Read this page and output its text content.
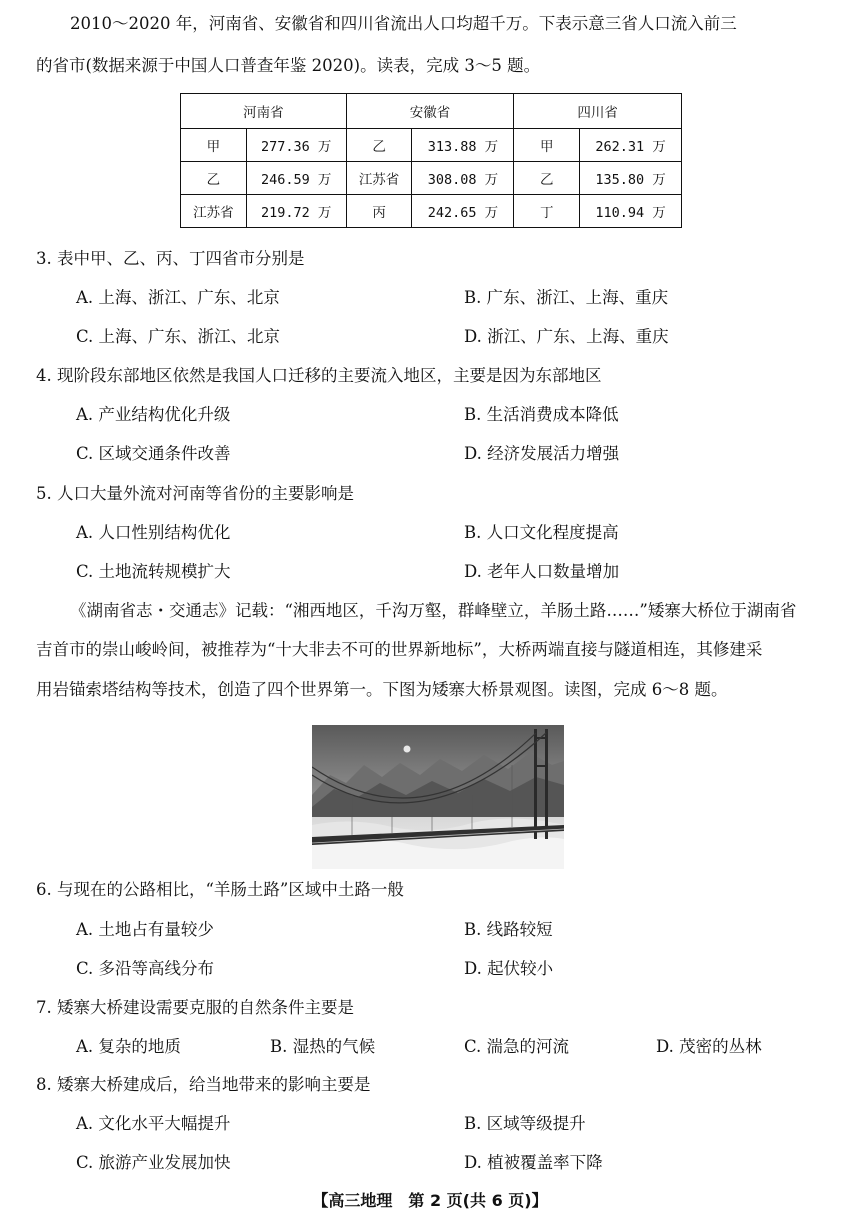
2010～2020 年，河南省、安徽省和四川省流出人口均超千万。下表示意三省人口流入前三
的省市(数据来源于中国人口普查年鉴 2020)。读表，完成 3～5 题。
河南省		安徽省		四川省	
甲	277.36 万	乙	313.88 万	甲	262.31 万
乙	246.59 万	江苏省	308.08 万	乙	135.80 万
江苏省	219.72 万	丙	242.65 万	丁	110.94 万
3. 表中甲、乙、丙、丁四省市分别是
A. 上海、浙江、广东、北京	B. 广东、浙江、上海、重庆
C. 上海、广东、浙江、北京	D. 浙江、广东、上海、重庆
4. 现阶段东部地区依然是我国人口迁移的主要流入地区，主要是因为东部地区
A. 产业结构优化升级	B. 生活消费成本降低
C. 区域交通条件改善	D. 经济发展活力增强
5. 人口大量外流对河南等省份的主要影响是
A. 人口性别结构优化	B. 人口文化程度提高
C. 土地流转规模扩大	D. 老年人口数量增加
《湖南省志・交通志》记载：“湘西地区，千沟万壑，群峰壁立，羊肠土路……”矮寨大桥位于湖南省
吉首市的崇山峻岭间，被推荐为“十大非去不可的世界新地标”，大桥两端直接与隧道相连，其修建采
用岩锚索塔结构等技术，创造了四个世界第一。下图为矮寨大桥景观图。读图，完成 6～8 题。
6. 与现在的公路相比，“羊肠土路”区域中土路一般
A. 土地占有量较少	B. 线路较短
C. 多沿等高线分布	D. 起伏较小
7. 矮寨大桥建设需要克服的自然条件主要是
A. 复杂的地质	B. 湿热的气候	C. 湍急的河流	D. 茂密的丛林
8. 矮寨大桥建成后，给当地带来的影响主要是
A. 文化水平大幅提升	B. 区域等级提升
C. 旅游产业发展加快	D. 植被覆盖率下降
【高三地理　第 2 页(共 6 页)】
